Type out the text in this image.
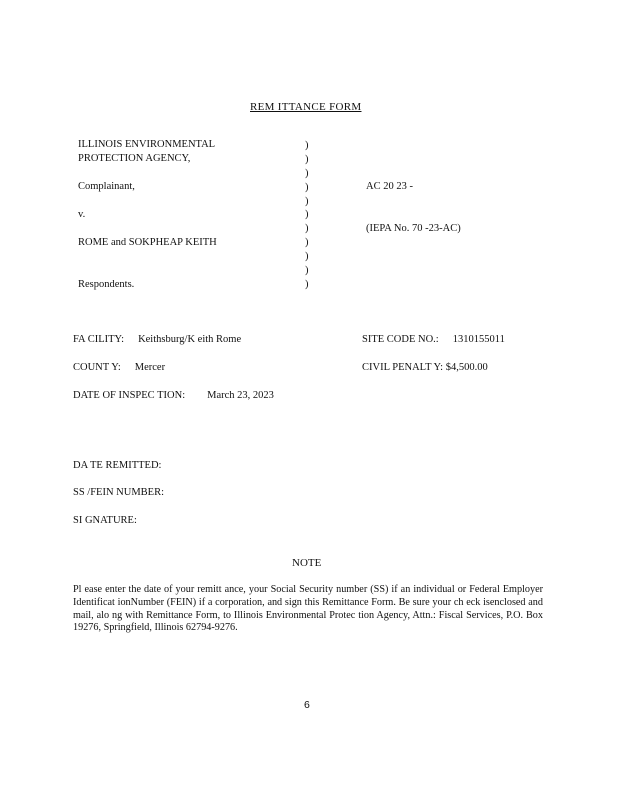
REM ITTANCE FORM
ILLINOIS ENVIRONMENTAL
PROTECTION AGENCY,
Complainant,
v.
ROME and SOKPHEAP KEITH
Respondents.
)
)
)
)
)
)
)
)
)
)
)
AC 20 23 -
(IEPA No. 70 -23-AC)
FA CILITY: Keithsburg/K eith Rome	SITE CODE NO.: 1310155011
COUNT Y: Mercer	CIVIL PENALT Y: $4,500.00
DATE OF INSPEC TION: March 23, 2023
DA TE REMITTED:
SS /FEIN NUMBER:
SI GNATURE:
NOTE
Pl ease enter the date of your remitt ance, your Social Security number (SS) if an individual or Federal Employer Identificat ionNumber (FEIN) if a corporation, and sign this Remittance Form. Be sure your ch eck isenclosed and mail, alo ng with Remittance Form, to Illinois Environmental Protec tion Agency, Attn.: Fiscal Services, P.O. Box 19276, Springfield, Illinois 62794-9276.
6
